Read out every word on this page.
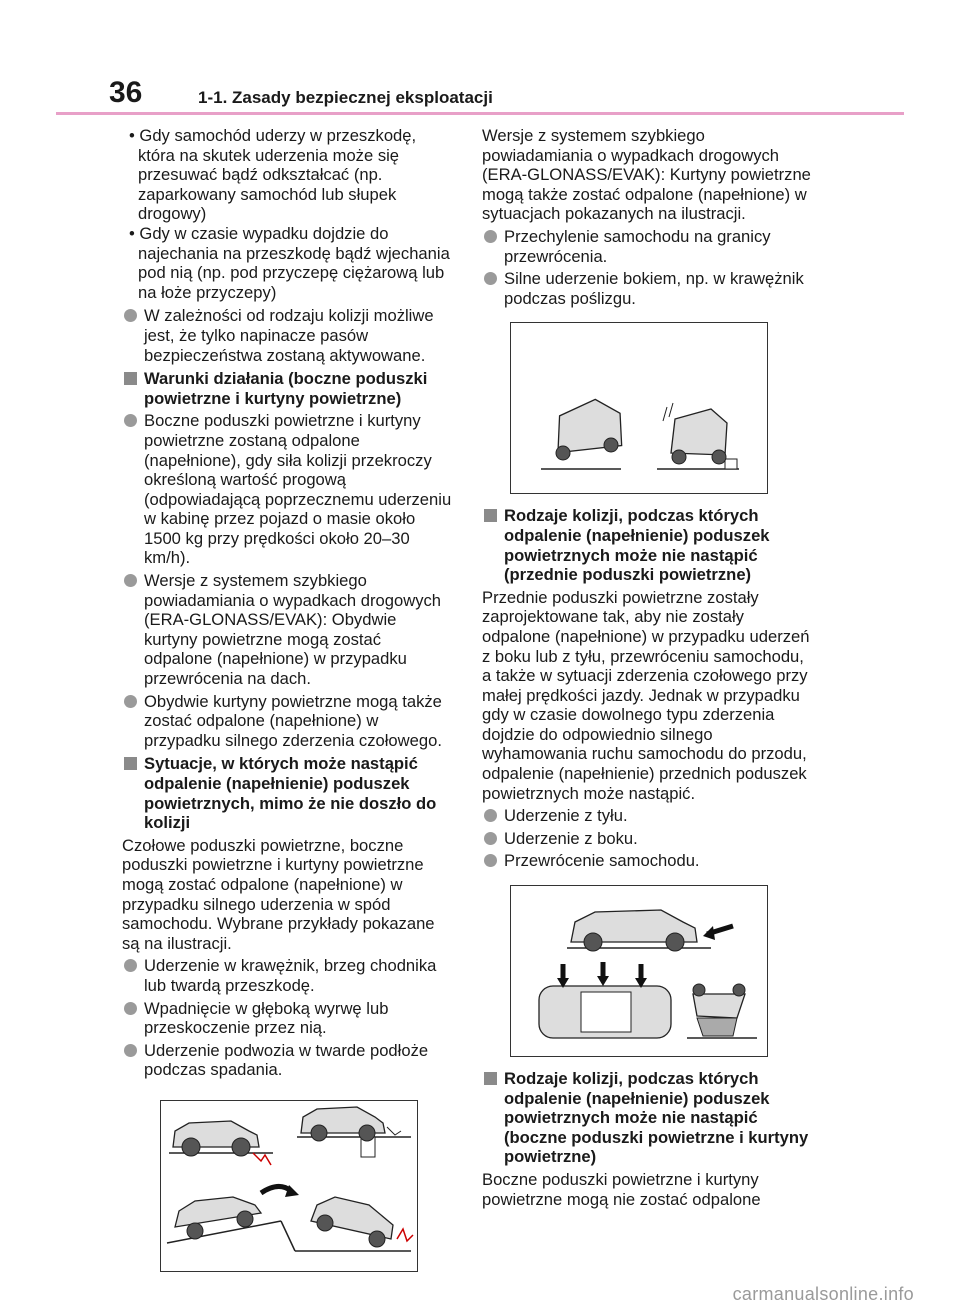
36	1-1. Zasady bezpiecznej eksploatacji

• Gdy samochód uderzy w przeszkodę, która na skutek uderzenia może się przesuwać bądź odkształcać (np. zaparkowany samochód lub słupek drogowy)

• Gdy w czasie wypadku dojdzie do najechania na przeszkodę bądź wjechania pod nią (np. pod przyczepę ciężarową lub na łoże przyczepy)

W zależności od rodzaju kolizji możliwe jest, że tylko napinacze pasów bezpieczeństwa zostaną aktywowane.
Warunki działania (boczne poduszki powietrzne i kurtyny powietrzne)
Boczne poduszki powietrzne i kurtyny powietrzne zostaną odpalone (napełnione), gdy siła kolizji przekroczy określoną wartość progową (odpowiadającą poprzecznemu uderzeniu w kabinę przez pojazd o masie około 1500 kg przy prędkości około 20–30 km/h).
Wersje z systemem szybkiego powiadamiania o wypadkach drogowych (ERA-GLONASS/EVAK): Obydwie kurtyny powietrzne mogą zostać odpalone (napełnione) w przypadku przewrócenia na dach.
Obydwie kurtyny powietrzne mogą także zostać odpalone (napełnione) w przypadku silnego zderzenia czołowego.
Sytuacje, w których może nastąpić odpalenie (napełnienie) poduszek powietrznych, mimo że nie doszło do kolizji

Czołowe poduszki powietrzne, boczne poduszki powietrzne i kurtyny powietrzne mogą zostać odpalone (napełnione) w przypadku silnego uderzenia w spód samochodu. Wybrane przykłady pokazane są na ilustracji.

Uderzenie w krawężnik, brzeg chodnika lub twardą przeszkodę.
Wpadnięcie w głęboką wyrwę lub przeskoczenie przez nią.
Uderzenie podwozia w twarde podłoże podczas spadania.

Wersje z systemem szybkiego powiadamiania o wypadkach drogowych (ERA-GLONASS/EVAK): Kurtyny powietrzne mogą także zostać odpalone (napełnione) w sytuacjach pokazanych na ilustracji.

Przechylenie samochodu na granicy przewrócenia.
Silne uderzenie bokiem, np. w krawężnik podczas poślizgu.
Rodzaje kolizji, podczas których odpalenie (napełnienie) poduszek powietrznych może nie nastąpić (przednie poduszki powietrzne)

Przednie poduszki powietrzne zostały zaprojektowane tak, aby nie zostały odpalone (napełnione) w przypadku uderzeń z boku lub z tyłu, przewróceniu samochodu, a także w sytuacji zderzenia czołowego przy małej prędkości jazdy. Jednak w przypadku gdy w czasie dowolnego typu zderzenia dojdzie do odpowiednio silnego wyhamowania ruchu samochodu do przodu, odpalenie (napełnienie) przednich poduszek powietrznych może nastąpić.

Uderzenie z tyłu.
Uderzenie z boku.
Przewrócenie samochodu.
Rodzaje kolizji, podczas których odpalenie (napełnienie) poduszek powietrznych może nie nastąpić (boczne poduszki powietrzne i kurtyny powietrzne)

Boczne poduszki powietrzne i kurtyny powietrzne mogą nie zostać odpalone

carmanualsonline.info
